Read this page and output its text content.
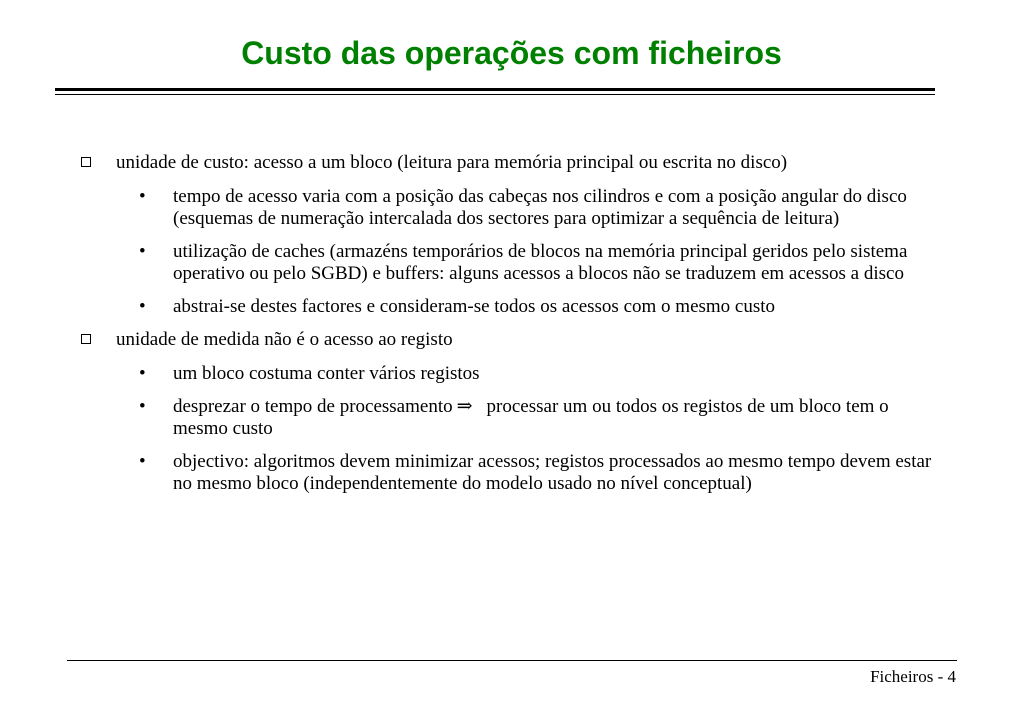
Custo das operações com ficheiros
unidade de custo: acesso a um bloco (leitura para memória principal ou escrita no disco)
• tempo de acesso varia com a posição das cabeças nos cilindros e com a posição angular do disco (esquemas de numeração intercalada dos sectores para optimizar a sequência de leitura)
• utilização de caches (armazéns temporários de blocos na memória principal geridos pelo sistema operativo ou pelo SGBD) e buffers: alguns acessos a blocos não se traduzem em acessos a disco
• abstrai-se destes factores e consideram-se todos os acessos com o mesmo custo
unidade de medida não é o acesso ao registo
• um bloco costuma conter vários registos
• desprezar o tempo de processamento ⇒ processar um ou todos os registos de um bloco tem o mesmo custo
• objectivo: algoritmos devem minimizar acessos; registos processados ao mesmo tempo devem estar no mesmo bloco (independentemente do modelo usado no nível conceptual)
Ficheiros - 4
